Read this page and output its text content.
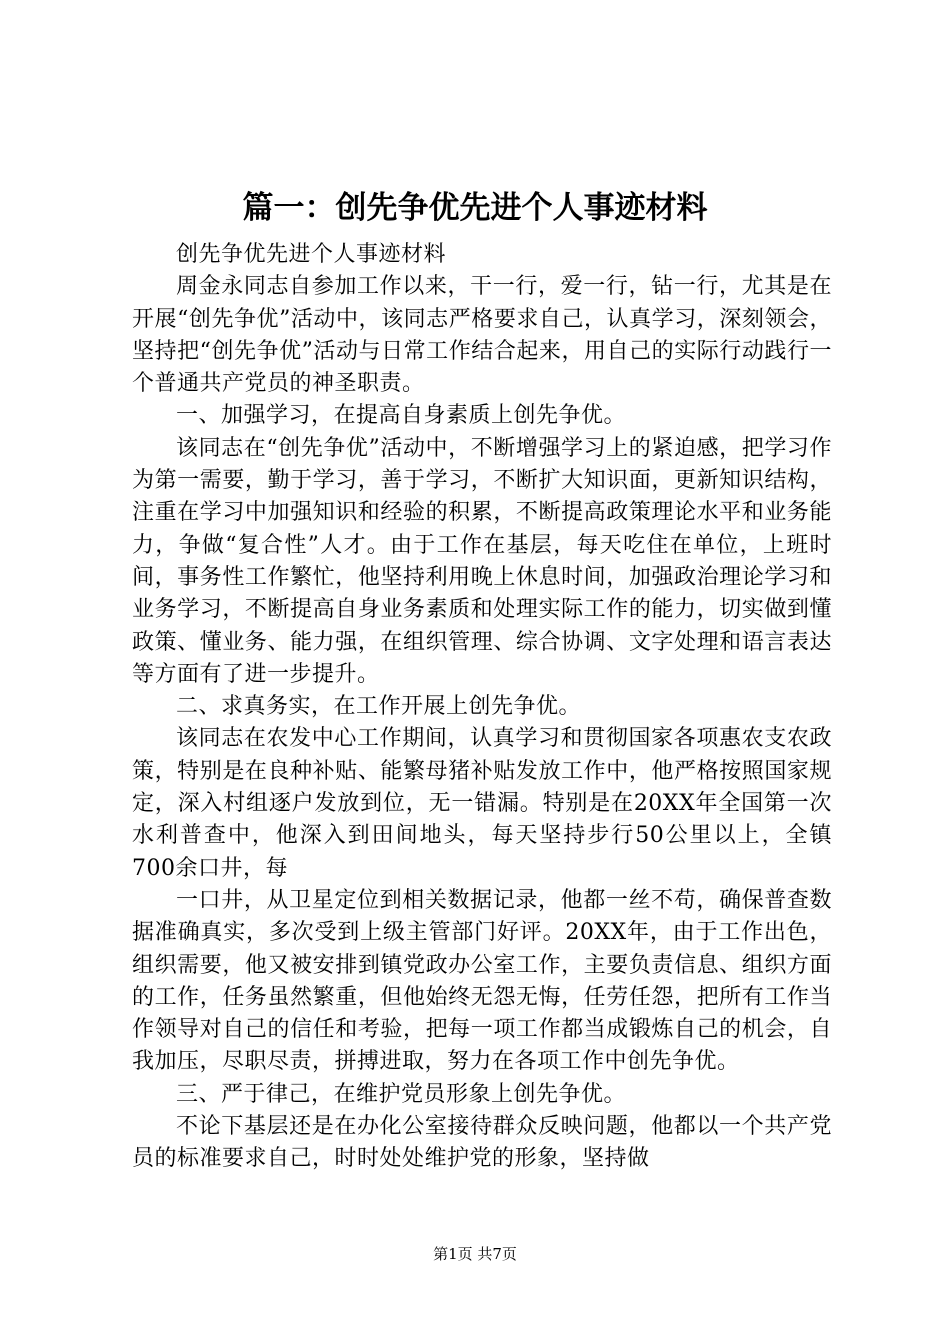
篇一：创先争优先进个人事迹材料

创先争优先进个人事迹材料

周金永同志自参加工作以来，干一行，爱一行，钻一行，尤其是在开展“创先争优”活动中，该同志严格要求自己，认真学习，深刻领会，坚持把“创先争优”活动与日常工作结合起来，用自己的实际行动践行一个普通共产党员的神圣职责。

一、加强学习，在提高自身素质上创先争优。

该同志在“创先争优”活动中，不断增强学习上的紧迫感，把学习作为第一需要，勤于学习，善于学习，不断扩大知识面，更新知识结构，注重在学习中加强知识和经验的积累，不断提高政策理论水平和业务能力，争做“复合性”人才。由于工作在基层，每天吃住在单位，上班时间，事务性工作繁忙，他坚持利用晚上休息时间，加强政治理论学习和业务学习，不断提高自身业务素质和处理实际工作的能力，切实做到懂政策、懂业务、能力强，在组织管理、综合协调、文字处理和语言表达等方面有了进一步提升。

二、求真务实，在工作开展上创先争优。

该同志在农发中心工作期间，认真学习和贯彻国家各项惠农支农政策，特别是在良种补贴、能繁母猪补贴发放工作中，他严格按照国家规定，深入村组逐户发放到位，无一错漏。特别是在20XX年全国第一次水利普查中，他深入到田间地头，每天坚持步行50公里以上，全镇700余口井，每

一口井，从卫星定位到相关数据记录，他都一丝不苟，确保普查数据准确真实，多次受到上级主管部门好评。20XX年，由于工作出色，组织需要，他又被安排到镇党政办公室工作，主要负责信息、组织方面的工作，任务虽然繁重，但他始终无怨无悔，任劳任怨，把所有工作当作领导对自己的信任和考验，把每一项工作都当成锻炼自己的机会，自我加压，尽职尽责，拼搏进取，努力在各项工作中创先争优。

三、严于律己，在维护党员形象上创先争优。

不论下基层还是在办化公室接待群众反映问题，他都以一个共产党员的标准要求自己，时时处处维护党的形象，坚持做

第1页 共7页
